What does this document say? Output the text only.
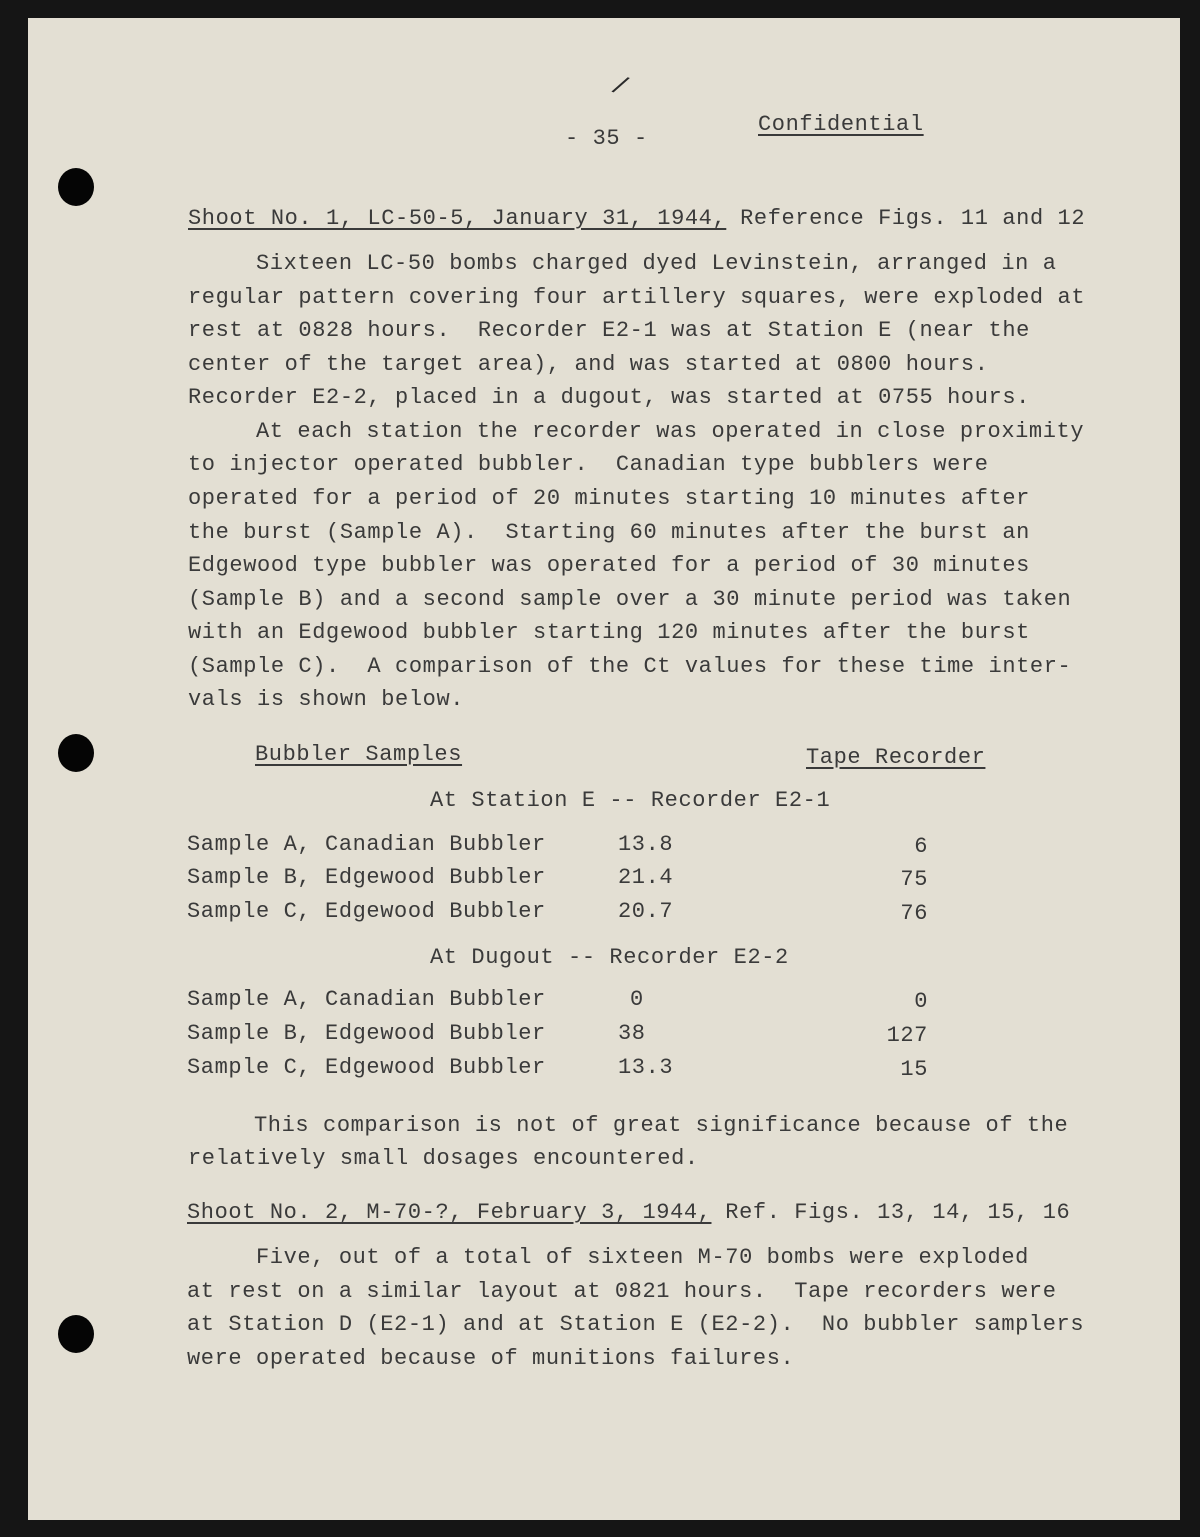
/
- 35 -
Confidential
Shoot No. 1, LC-50-5, January 31, 1944, Reference Figs. 11 and 12
Sixteen LC-50 bombs charged dyed Levinstein, arranged in a
regular pattern covering four artillery squares, were exploded at
rest at 0828 hours.  Recorder E2-1 was at Station E (near the
center of the target area), and was started at 0800 hours.
Recorder E2-2, placed in a dugout, was started at 0755 hours.
At each station the recorder was operated in close proximity
to injector operated bubbler.  Canadian type bubblers were
operated for a period of 20 minutes starting 10 minutes after
the burst (Sample A).  Starting 60 minutes after the burst an
Edgewood type bubbler was operated for a period of 30 minutes
(Sample B) and a second sample over a 30 minute period was taken
with an Edgewood bubbler starting 120 minutes after the burst
(Sample C).  A comparison of the Ct values for these time inter-
vals is shown below.
Bubbler Samples	Tape Recorder
At Station E -- Recorder E2-1
Sample A, Canadian Bubbler	13.8	6
Sample B, Edgewood Bubbler	21.4	75
Sample C, Edgewood Bubbler	20.7	76
At Dugout -- Recorder E2-2
Sample A, Canadian Bubbler	0	0
Sample B, Edgewood Bubbler	38	127
Sample C, Edgewood Bubbler	13.3	15
This comparison is not of great significance because of the
relatively small dosages encountered.
Shoot No. 2, M-70-?, February 3, 1944, Ref. Figs. 13, 14, 15, 16
Five, out of a total of sixteen M-70 bombs were exploded
at rest on a similar layout at 0821 hours.  Tape recorders were
at Station D (E2-1) and at Station E (E2-2).  No bubbler samplers
were operated because of munitions failures.
